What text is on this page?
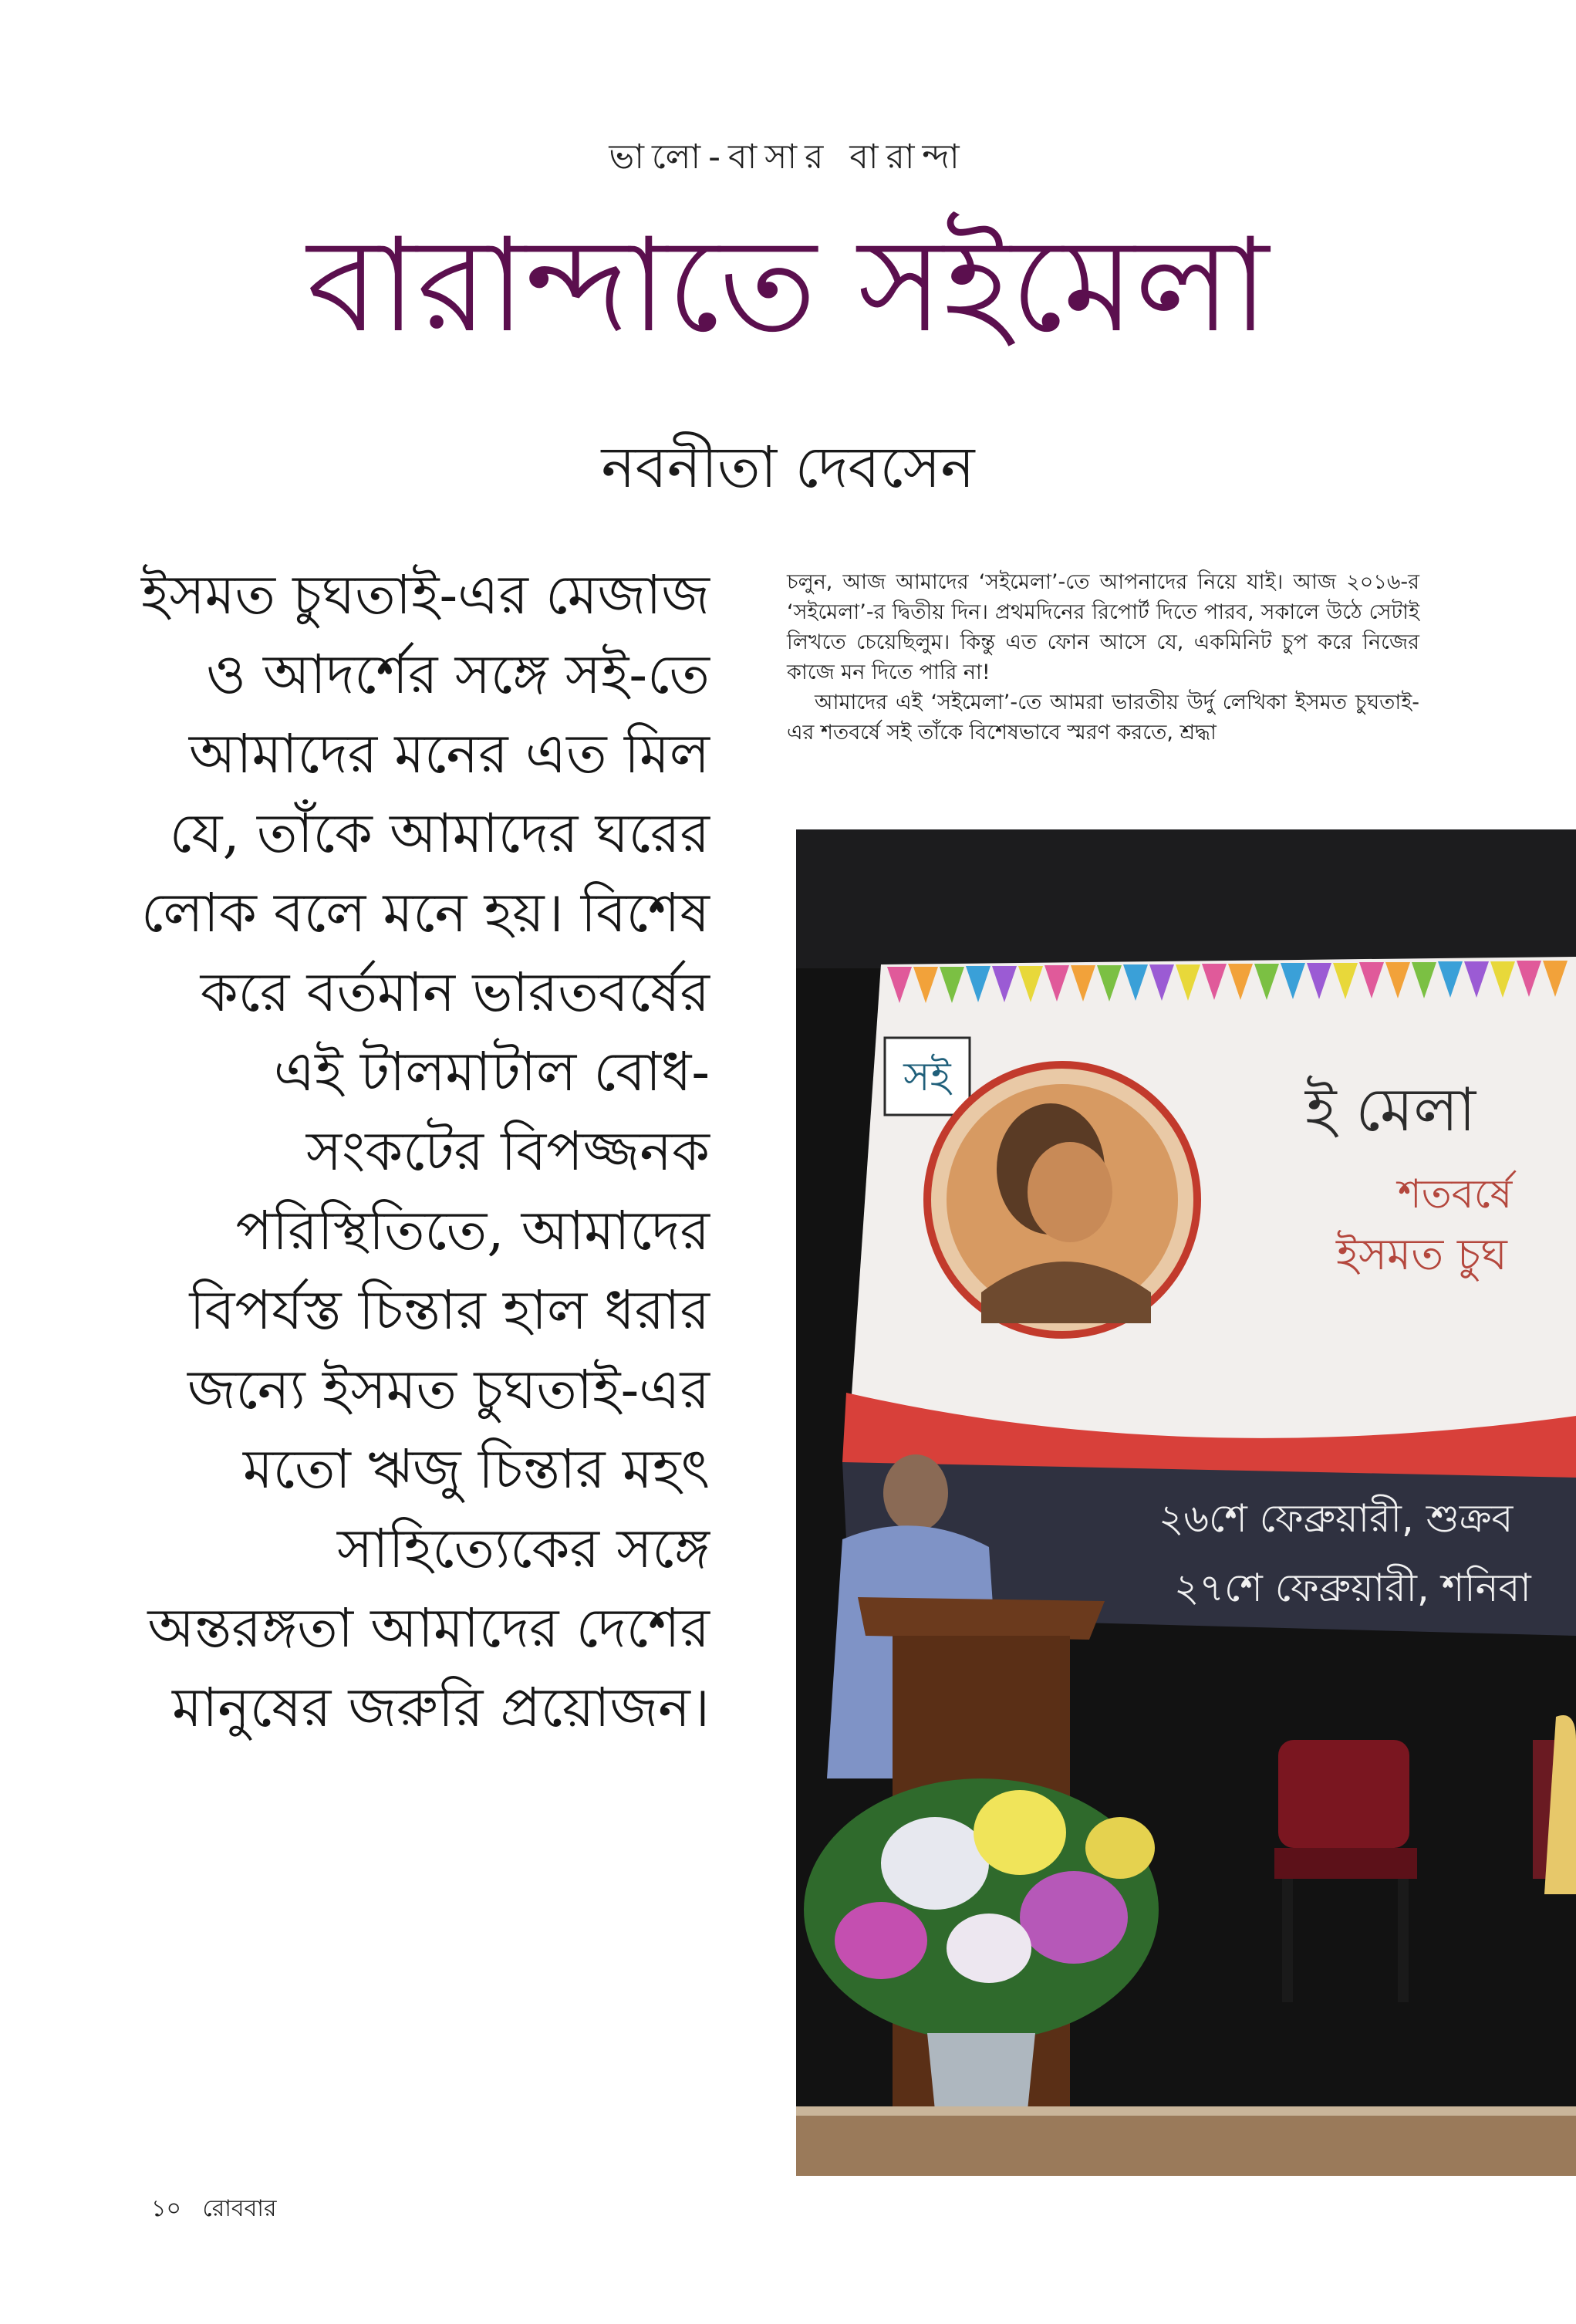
ভালো-বাসার বারান্দা
বারান্দাতে সইমেলা
নবনীতা দেবসেন
ইসমত চুঘতাই-এর মেজাজ ও আদর্শের সঙ্গে সই-তে আমাদের মনের এত মিল যে, তাঁকে আমাদের ঘরের লোক বলে মনে হয়। বিশেষ করে বর্তমান ভারতবর্ষের এই টালমাটাল বোধ-সংকটের বিপজ্জনক পরিস্থিতিতে, আমাদের বিপর্যস্ত চিন্তার হাল ধরার জন্যে ইসমত চুঘতাই-এর মতো ঋজু চিন্তার মহৎ সাহিত্যেকের সঙ্গে অন্তরঙ্গতা আমাদের দেশের মানুষের জরুরি প্রয়োজন।

চলুন, আজ আমাদের ‘সইমেলা’-তে আপনাদের নিয়ে যাই। আজ ২০১৬-র ‘সইমেলা’-র দ্বিতীয় দিন। প্রথমদিনের রিপোর্ট দিতে পারব, সকালে উঠে সেটাই লিখতে চেয়েছিলুম। কিন্তু এত ফোন আসে যে, একমিনিট চুপ করে নিজের কাজে মন দিতে পারি না!

আমাদের এই ‘সইমেলা’-তে আমরা ভারতীয় উর্দু লেখিকা ইসমত চুঘতাই-এর শতবর্ষে সই তাঁকে বিশেষভাবে স্মরণ করতে, শ্রদ্ধা

সই	ই মেলা
শতবর্ষে
ইসমত চুঘ
২৬শে ফেব্রুয়ারী, শুক্রব
২৭শে ফেব্রুয়ারী, শনিবা
১০ রোববার
